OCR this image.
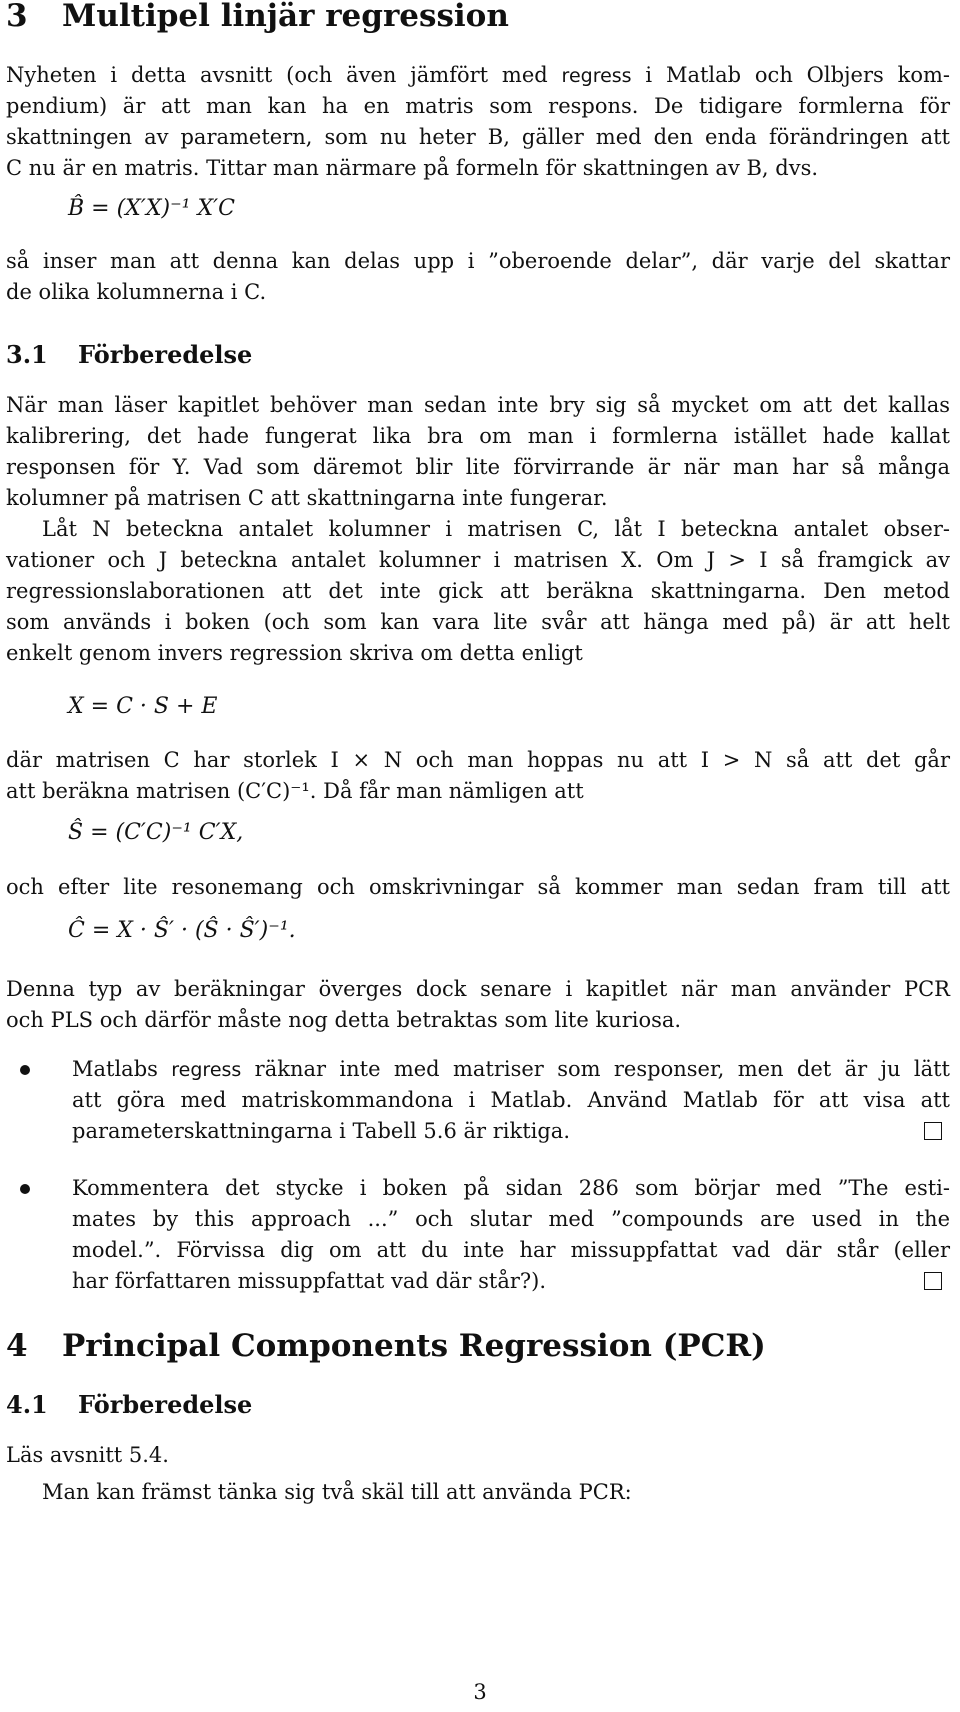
3 Multipel linjär regression
Nyheten i detta avsnitt (och även jämfört med regress i Matlab och Olbjers kom-
pendium) är att man kan ha en matris som respons. De tidigare formlerna för
skattningen av parametern, som nu heter B, gäller med den enda förändringen att
C nu är en matris. Tittar man närmare på formeln för skattningen av B, dvs.
B̂ = (X′X)⁻¹ X′C
så inser man att denna kan delas upp i ”oberoende delar”, där varje del skattar
de olika kolumnerna i C.
3.1 Förberedelse
När man läser kapitlet behöver man sedan inte bry sig så mycket om att det kallas
kalibrering, det hade fungerat lika bra om man i formlerna istället hade kallat
responsen för Y. Vad som däremot blir lite förvirrande är när man har så många
kolumner på matrisen C att skattningarna inte fungerar.
Låt N beteckna antalet kolumner i matrisen C, låt I beteckna antalet obser-
vationer och J beteckna antalet kolumner i matrisen X. Om J > I så framgick av
regressionslaborationen att det inte gick att beräkna skattningarna. Den metod
som används i boken (och som kan vara lite svår att hänga med på) är att helt
enkelt genom invers regression skriva om detta enligt
X = C · S + E
där matrisen C har storlek I × N och man hoppas nu att I > N så att det går
att beräkna matrisen (C′C)⁻¹. Då får man nämligen att
Ŝ = (C′C)⁻¹ C′X,
och efter lite resonemang och omskrivningar så kommer man sedan fram till att
Ĉ = X · Ŝ′ · (Ŝ · Ŝ′)⁻¹.
Denna typ av beräkningar överges dock senare i kapitlet när man använder PCR
och PLS och därför måste nog detta betraktas som lite kuriosa.
Matlabs regress räknar inte med matriser som responser, men det är ju lätt
att göra med matriskommandona i Matlab. Använd Matlab för att visa att
parameterskattningarna i Tabell 5.6 är riktiga.
Kommentera det stycke i boken på sidan 286 som börjar med ”The esti-
mates by this approach ...” och slutar med ”compounds are used in the
model.”. Förvissa dig om att du inte har missuppfattat vad där står (eller
har författaren missuppfattat vad där står?).
4 Principal Components Regression (PCR)
4.1 Förberedelse
Läs avsnitt 5.4.
Man kan främst tänka sig två skäl till att använda PCR:
3
